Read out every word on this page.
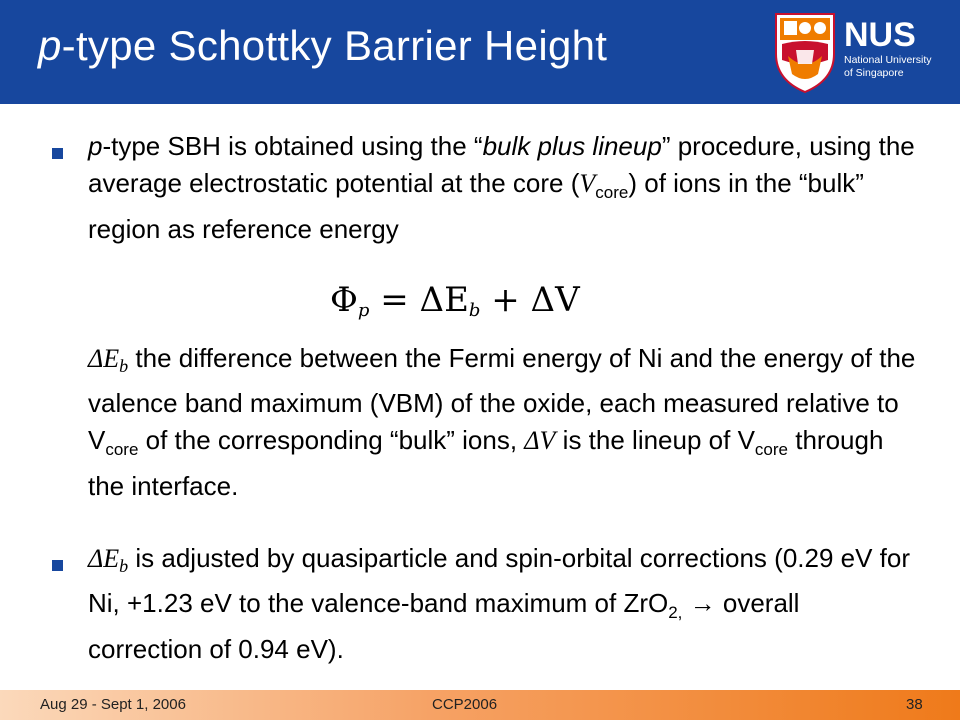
p-type Schottky Barrier Height	NUS
National University
of Singapore
p-type SBH is obtained using the “bulk plus lineup” procedure, using the average electrostatic potential at the core $(V_{core})$ of ions in the “bulk” region as reference energy
Φp = ΔEb + ΔV
ΔEb the difference between the Fermi energy of Ni and the energy of the valence band maximum (VBM) of the oxide, each measured relative to $V_{core}$ of the corresponding “bulk” ions, ΔV is the lineup of $V_{core}$ through the interface.
ΔEb is adjusted by quasiparticle and spin-orbital corrections (0.29 eV for Ni, +1.23 eV to the valence-band maximum of ZrO$_{2,}$ → overall correction of 0.94 eV).
Aug 29 - Sept 1, 2006	CCP2006	38
